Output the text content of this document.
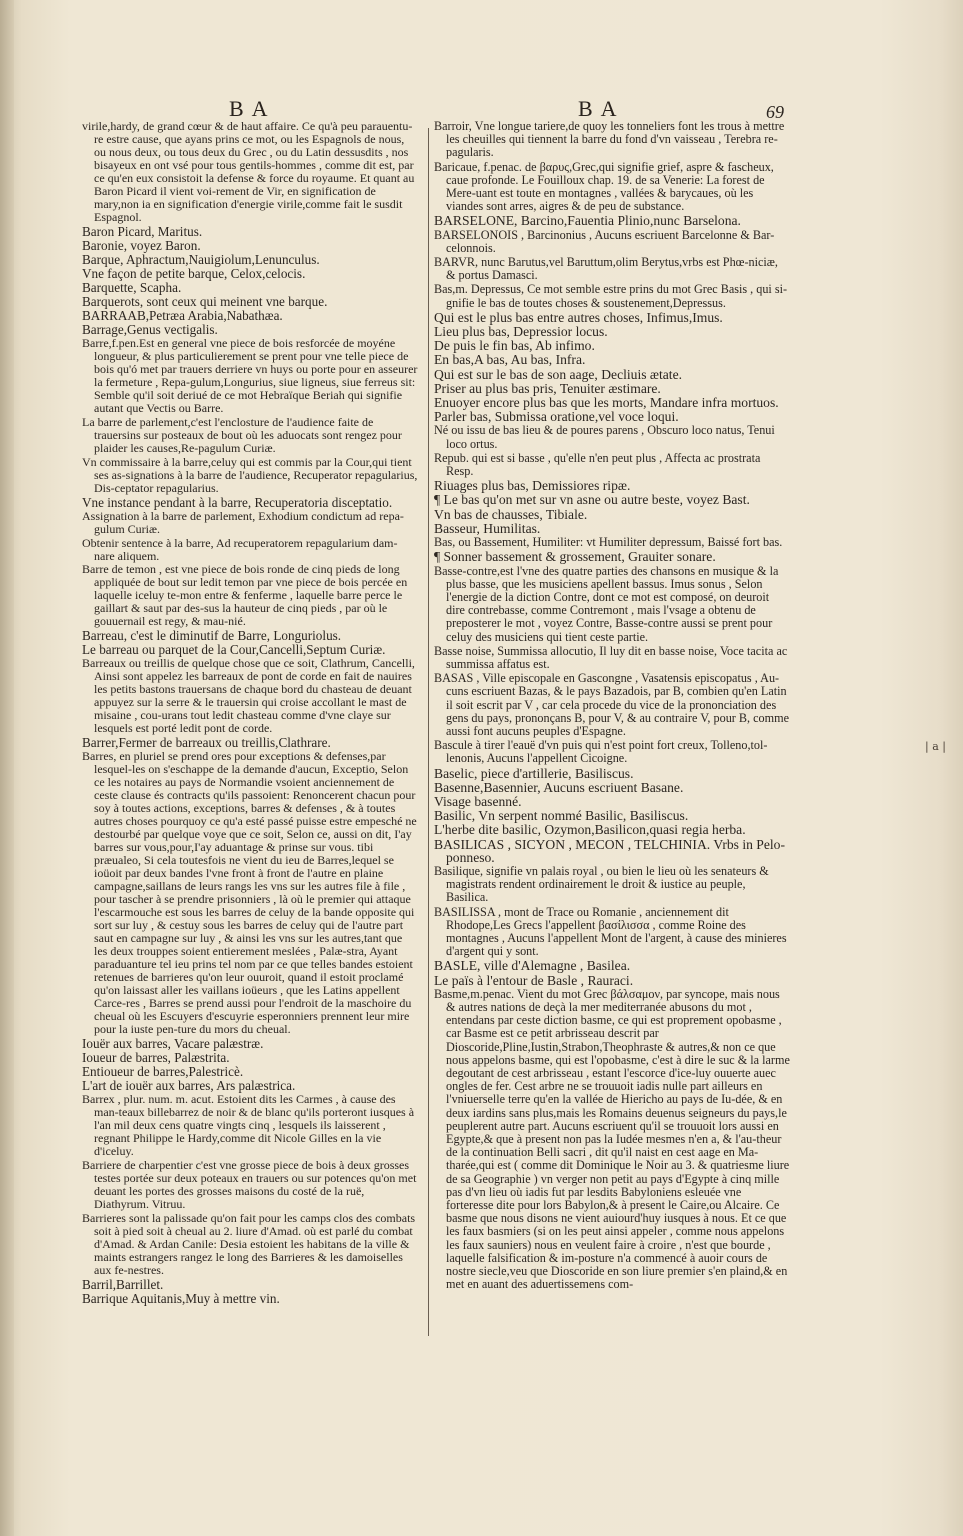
BA	BA	69
virile,hardy, de grand cœur & de haut affaire. Ce qu'à peu parauentu-re estre cause, que ayans prins ce mot, ou les Espagnols de nous, ou nous deux, ou tous deux du Grec , ou du Latin dessusdits , nos bisayeux en ont vsé pour tous gentils-hommes , comme dit est, par ce qu'en eux consistoit la defense & force du royaume. Et quant au Baron Picard il vient voi-rement de Vir, en signification de mary,non ia en signification d'energie virile,comme fait le susdit Espagnol.
Baron Picard, Maritus.
Baronie, voyez Baron.
Barque, Aphractum,Nauigiolum,Lenunculus.
Vne façon de petite barque, Celox,celocis.
Barquette, Scapha.
Barquerots, sont ceux qui meinent vne barque.
BARRAAB,Petræa Arabia,Nabathæa.
Barrage,Genus vectigalis.
Barre,f.pen.Est en general vne piece de bois resforcée de moyéne longueur, & plus particulierement se prent pour vne telle piece de bois qu'ó met par trauers derriere vn huys ou porte pour en asseurer la fermeture , Repa-gulum,Longurius, siue ligneus, siue ferreus sit: Semble qu'il soit deriué de ce mot Hebraïque Beriah qui signifie autant que Vectis ou Barre.
La barre de parlement,c'est l'enclosture de l'audience faite de trauersins sur posteaux de bout où les aduocats sont rengez pour plaider les causes,Re-pagulum Curiæ.
Vn commissaire à la barre,celuy qui est commis par la Cour,qui tient ses as-signations à la barre de l'audience, Recuperator repagularius, Dis-ceptator repagularius.
Vne instance pendant à la barre, Recuperatoria disceptatio.
Assignation à la barre de parlement, Exhodium condictum ad repa-gulum Curiæ.
Obtenir sentence à la barre, Ad recuperatorem repagularium dam-nare aliquem.
Barre de temon , est vne piece de bois ronde de cinq pieds de long appliquée de bout sur ledit temon par vne piece de bois percée en laquelle iceluy te-mon entre & fenferme , laquelle barre perce le gaillart & saut par des-sus la hauteur de cinq pieds , par où le gouuernail est regy, & mau-nié.
Barreau, c'est le diminutif de Barre, Longuriolus.
Le barreau ou parquet de la Cour,Cancelli,Septum Curiæ.
Barreaux ou treillis de quelque chose que ce soit, Clathrum, Cancelli, Ainsi sont appelez les barreaux de pont de corde en fait de nauires les petits bastons trauersans de chaque bord du chasteau de deuant appuyez sur la serre & le trauersin qui croise accollant le mast de misaine , cou-urans tout ledit chasteau comme d'vne claye sur lesquels est porté ledit pont de corde.
Barrer,Fermer de barreaux ou treillis,Clathrare.
Barres, en pluriel se prend ores pour exceptions & defenses,par lesquel-les on s'eschappe de la demande d'aucun, Exceptio, Selon ce les notaires au pays de Normandie vsoient anciennement de ceste clause és contracts qu'ils passoient: Renoncerent chacun pour soy à toutes actions, exceptions, barres & defenses , & à toutes autres choses pourquoy ce qu'a esté passé puisse estre empesché ne destourbé par quelque voye que ce soit, Selon ce, aussi on dit, I'ay barres sur vous,pour,I'ay aduantage & prinse sur vous. tibi præualeo, Si cela toutesfois ne vient du ieu de Barres,lequel se ioüoit par deux bandes l'vne front à front de l'autre en plaine campagne,saillans de leurs rangs les vns sur les autres file à file , pour tascher à se prendre prisonniers , là où le premier qui attaque l'escarmouche est sous les barres de celuy de la bande opposite qui sort sur luy , & cestuy sous les barres de celuy qui de l'autre part saut en campagne sur luy , & ainsi les vns sur les autres,tant que les deux trouppes soient entierement meslées , Palæ-stra, Ayant paraduanture tel ieu prins tel nom par ce que telles bandes estoient retenues de barrieres qu'on leur ouuroit, quand il estoit proclamé qu'on laissast aller les vaillans ioüeurs , que les Latins appellent Carce-res , Barres se prend aussi pour l'endroit de la maschoire du cheual où les Escuyers d'escuyrie esperonniers prennent leur mire pour la iuste pen-ture du mors du cheual.
Iouër aux barres, Vacare palæstræ.
Ioueur de barres, Palæstrita.
Entioueur de barres,Palestricè.
L'art de iouër aux barres, Ars palæstrica.
Barrex , plur. num. m. acut. Estoient dits les Carmes , à cause des man-teaux billebarrez de noir & de blanc qu'ils porteront iusques à l'an mil deux cens quatre vingts cinq , lesquels ils laisserent , regnant Philippe le Hardy,comme dit Nicole Gilles en la vie d'iceluy.
Barriere de charpentier c'est vne grosse piece de bois à deux grosses testes portée sur deux poteaux en trauers ou sur potences qu'on met deuant les portes des grosses maisons du costé de la ruë, Diathyrum. Vitruu.
Barrieres sont la palissade qu'on fait pour les camps clos des combats soit à pied soit à cheual au 2. liure d'Amad. où est parlé du combat d'Amad. & Ardan Canile: Desia estoient les habitans de la ville & maints estrangers rangez le long des Barrieres & les damoiselles aux fe-nestres.
Barril,Barrillet.
Barrique Aquitanis,Muy à mettre vin.
Barroir, Vne longue tariere,de quoy les tonneliers font les trous à mettre les cheuilles qui tiennent la barre du fond d'vn vaisseau , Terebra re-pagularis.
Baricaue, f.penac. de βαρυς,Grec,qui signifie grief, aspre & fascheux, caue profonde. Le Fouilloux chap. 19. de sa Venerie: La forest de Mere-uant est toute en montagnes , vallées & barycaues, où les viandes sont arres, aigres & de peu de substance.
BARSELONE, Barcino,Fauentia Plinio,nunc Barselona.
BARSELONOIS , Barcinonius , Aucuns escriuent Barcelonne & Bar-celonnois.
BARVR, nunc Barutus,vel Baruttum,olim Berytus,vrbs est Phœ-niciæ, & portus Damasci.
Bas,m. Depressus, Ce mot semble estre prins du mot Grec Basis , qui si-gnifie le bas de toutes choses & soustenement,Depressus.
Qui est le plus bas entre autres choses, Infimus,Imus.
Lieu plus bas, Depressior locus.
De puis le fin bas, Ab infimo.
En bas,A bas, Au bas, Infra.
Qui est sur le bas de son aage, Decliuis ætate.
Priser au plus bas pris, Tenuiter æstimare.
Enuoyer encore plus bas que les morts, Mandare infra mortuos.
Parler bas, Submissa oratione,vel voce loqui.
Né ou issu de bas lieu & de poures parens , Obscuro loco natus, Tenui loco ortus.
Repub. qui est si basse , qu'elle n'en peut plus , Affecta ac prostrata Resp.
Riuages plus bas, Demissiores ripæ.
¶ Le bas qu'on met sur vn asne ou autre beste, voyez Bast.
Vn bas de chausses, Tibiale.
Basseur, Humilitas.
Bas, ou Bassement, Humiliter: vt Humiliter depressum, Baissé fort bas.
¶ Sonner bassement & grossement, Grauiter sonare.
Basse-contre,est l'vne des quatre parties des chansons en musique & la plus basse, que les musiciens apellent bassus. Imus sonus , Selon l'energie de la diction Contre, dont ce mot est composé, on deuroit dire contrebasse, comme Contremont , mais l'vsage a obtenu de preposterer le mot , voyez Contre, Basse-contre aussi se prent pour celuy des musiciens qui tient ceste partie.
Basse noise, Summissa allocutio, Il luy dit en basse noise, Voce tacita ac summissa affatus est.
BASAS , Ville episcopale en Gascongne , Vasatensis episcopatus , Au-cuns escriuent Bazas, & le pays Bazadois, par B, combien qu'en Latin il soit escrit par V , car cela procede du vice de la prononciation des gens du pays, prononçans B, pour V, & au contraire V, pour B, comme aussi font aucuns peuples d'Espagne.
Bascule à tirer l'eauë d'vn puis qui n'est point fort creux, Tolleno,tol-lenonis, Aucuns l'appellent Cicoigne.
Baselic, piece d'artillerie, Basiliscus.
Basenne,Basennier, Aucuns escriuent Basane.
Visage basenné.
Basilic, Vn serpent nommé Basilic, Basiliscus.
L'herbe dite basilic, Ozymon,Basilicon,quasi regia herba.
BASILICAS , SICYON , MECON , TELCHINIA. Vrbs in Pelo-ponneso.
Basilique, signifie vn palais royal , ou bien le lieu où les senateurs & magistrats rendent ordinairement le droit & iustice au peuple, Basilica.
BASILISSA , mont de Trace ou Romanie , anciennement dit Rhodope,Les Grecs l'appellent βασίλισσα , comme Roine des montagnes , Aucuns l'appellent Mont de l'argent, à cause des minieres d'argent qui y sont.
BASLE, ville d'Alemagne , Basilea.
Le païs à l'entour de Basle , Rauraci.
Basme,m.penac. Vient du mot Grec βάλσαμον, par syncope, mais nous & autres nations de deçà la mer mediterranée abusons du mot , entendans par ceste diction basme, ce qui est proprement opobasme , car Basme est ce petit arbrisseau descrit par Dioscoride,Pline,Iustin,Strabon,Theophraste & autres,& non ce que nous appelons basme, qui est l'opobasme, c'est à dire le suc & la larme degoutant de cest arbrisseau , estant l'escorce d'ice-luy ouuerte auec ongles de fer. Cest arbre ne se trouuoit iadis nulle part ailleurs en l'vniuerselle terre qu'en la vallée de Hiericho au pays de Iu-dée, & en deux iardins sans plus,mais les Romains deuenus seigneurs du pays,le peuplerent autre part. Aucuns escriuent qu'il se trouuoit lors aussi en Egypte,& que à present non pas la Iudée mesmes n'en a, & l'au-theur de la continuation Belli sacri , dit qu'il naist en cest aage en Ma-tharée,qui est ( comme dit Dominique le Noir au 3. & quatriesme liure de sa Geographie ) vn verger non petit au pays d'Egypte à cinq mille pas d'vn lieu où iadis fut par lesdits Babyloniens esleuée vne forteresse dite pour lors Babylon,& à present le Caire,ou Alcaire. Ce basme que nous disons ne vient auiourd'huy iusques à nous. Et ce que les faux basmiers (si on les peut ainsi appeler , comme nous appelons les faux sauniers) nous en veulent faire à croire , n'est que bourde , laquelle falsification & im-posture n'a commencé à auoir cours de nostre siecle,veu que Dioscoride en son liure premier s'en plaind,& en met en auant des aduertissemens com-
| a |
